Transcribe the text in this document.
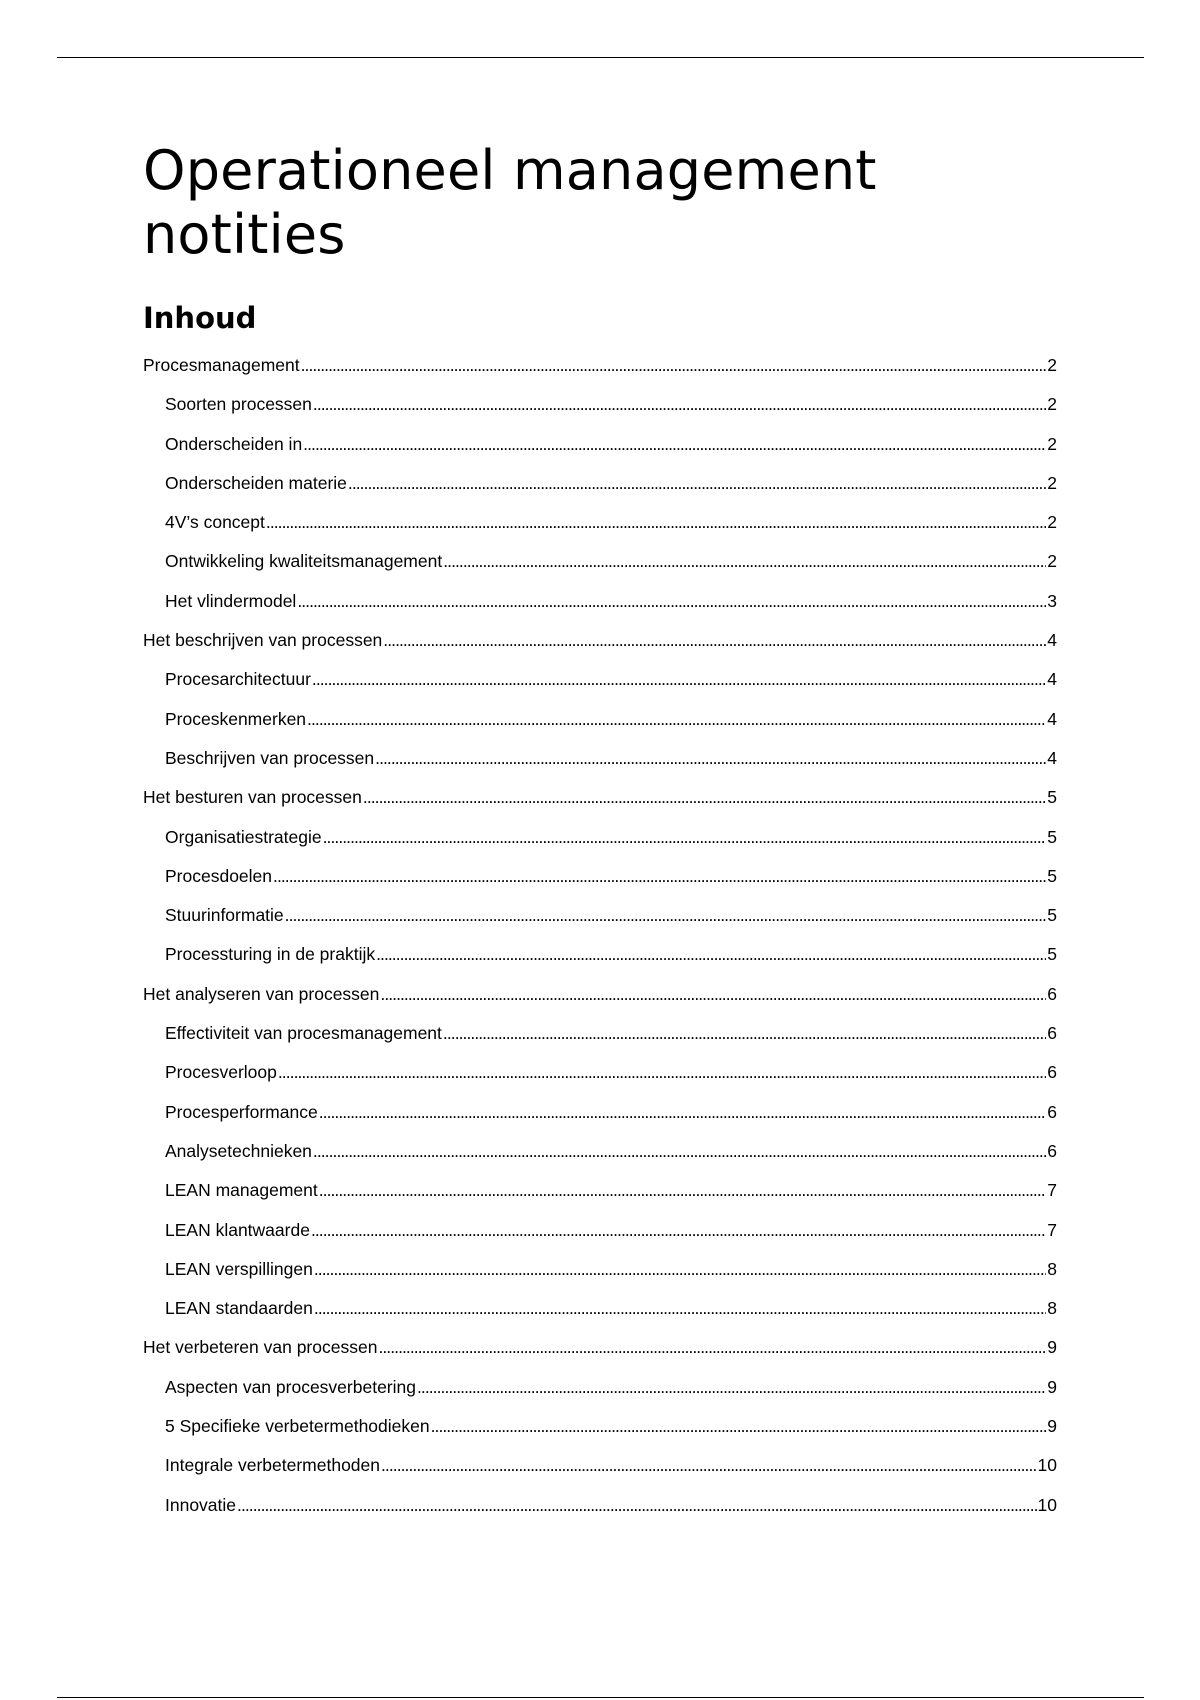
Operationeel management notities
Inhoud
Procesmanagement . . .	2
Soorten processen . . .	2
Onderscheiden in . . .	2
Onderscheiden materie . . .	2
4V’s concept . . .	2
Ontwikkeling kwaliteitsmanagement . . .	2
Het vlindermodel . . .	3
Het beschrijven van processen . . .	4
Procesarchitectuur . . .	4
Proceskenmerken . . .	4
Beschrijven van processen . . .	4
Het besturen van processen . . .	5
Organisatiestrategie . . .	5
Procesdoelen . . .	5
Stuurinformatie . . .	5
Processturing in de praktijk . . .	5
Het analyseren van processen . . .	6
Effectiviteit van procesmanagement . . .	6
Procesverloop . . .	6
Procesperformance . . .	6
Analysetechnieken . . .	6
LEAN management . . .	7
LEAN klantwaarde . . .	7
LEAN verspillingen . . .	8
LEAN standaarden . . .	8
Het verbeteren van processen . . .	9
Aspecten van procesverbetering . . .	9
5 Specifieke verbetermethodieken . . .	9
Integrale verbetermethoden . . .	10
Innovatie . . .	10
